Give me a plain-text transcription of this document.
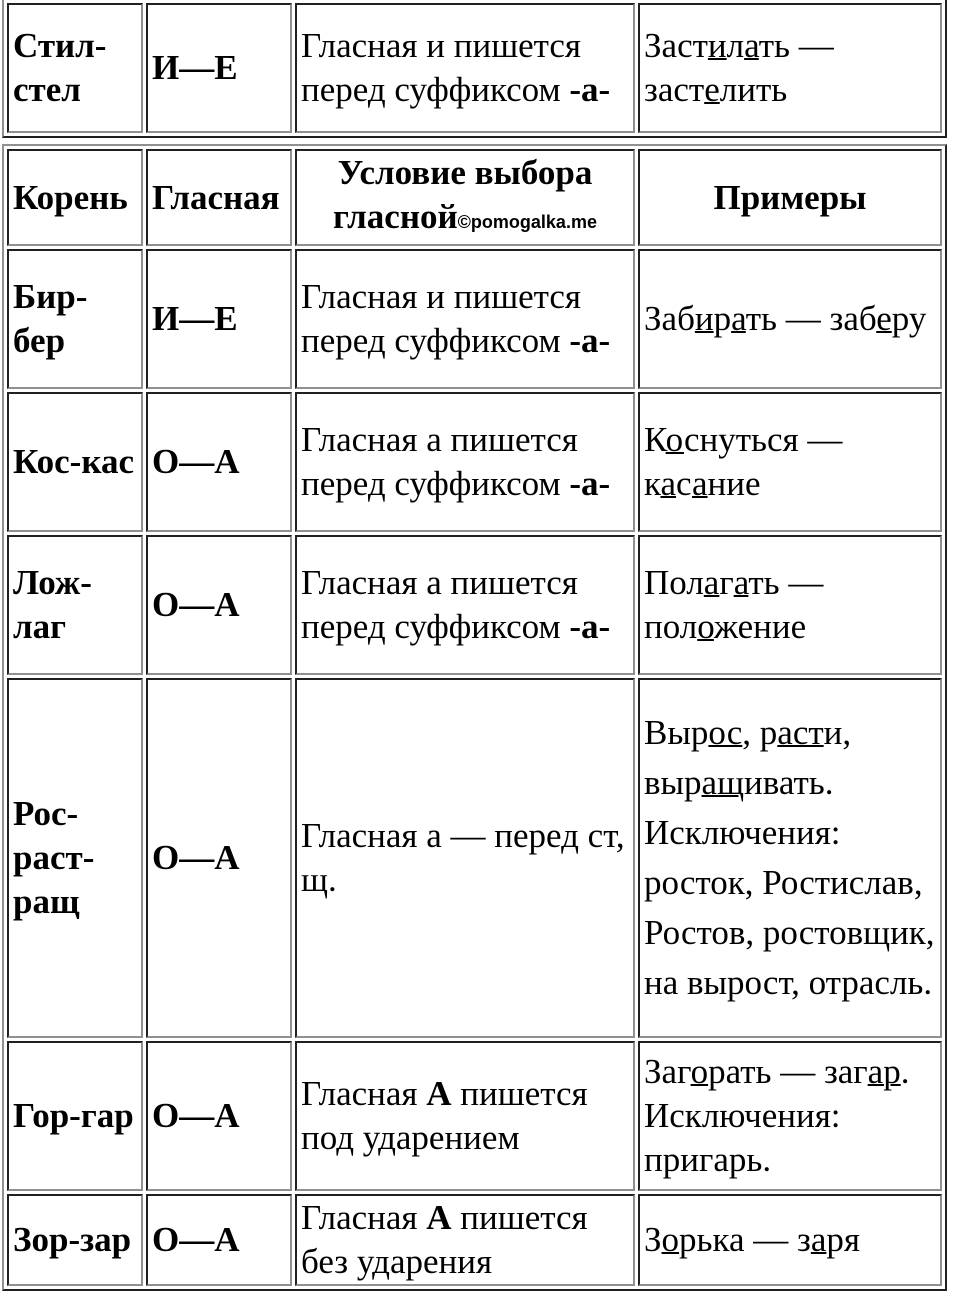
Стил-стел	И—Е	Гласная и пишется перед суффиксом -а-	Застилать — застелить
Корень	Гласная	Условие выбора гласной©pomogalka.me	Примеры
Бир-бер	И—Е	Гласная и пишется перед суффиксом -а-	Забирать — заберу
Кос-кас	О—А	Гласная а пишется перед суффиксом -а-	Коснуться — касание
Лож-лаг	О—А	Гласная а пишется перед суффиксом -а-	Полагать — положение
Рос-раст-ращ	О—А	Гласная а — перед ст, щ.	Вырос, расти, выращивать. Исключения: росток, Ростислав, Ростов, ростовщик, на вырост, отрасль.
Гор-гар	О—А	Гласная А пишется под ударением	Загорать — загар. Исключения: пригарь.
Зор-зар	О—А	Гласная А пишется без ударения	Зорька — заря
